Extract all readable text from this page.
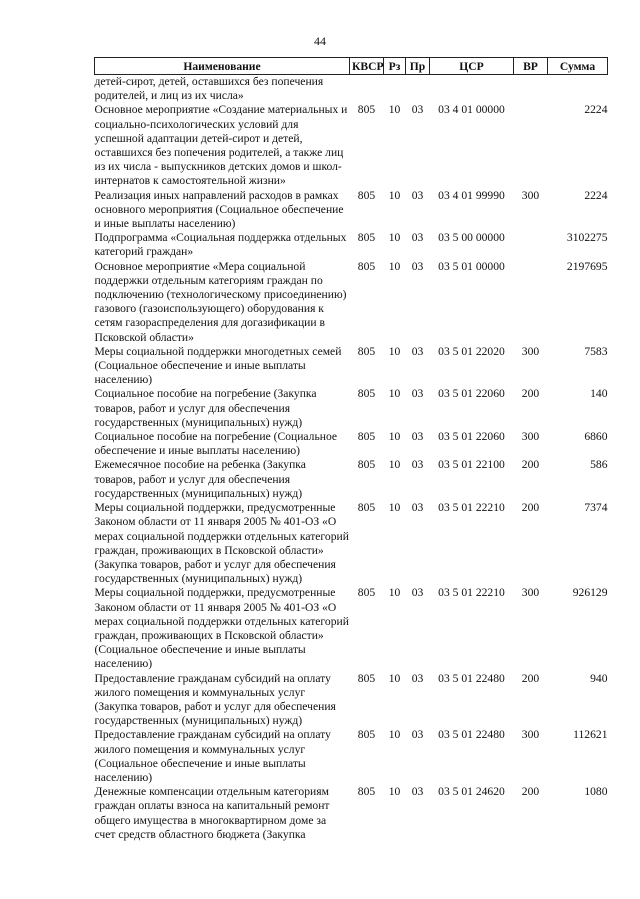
44
Наименование	КВСР	Рз	Пр	ЦСР	ВР	Сумма
детей-сирот, детей, оставшихся без попечения родителей, и лиц из их числа»						
Основное мероприятие «Создание материальных и социально-психологических условий для успешной адаптации детей-сирот и детей, оставшихся без попечения родителей, а также лиц из их числа - выпускников детских домов и школ-интернатов к самостоятельной жизни»	805	10	03	03 4 01 00000		2224
Реализация иных направлений расходов в рамках основного мероприятия (Социальное обеспечение и иные выплаты населению)	805	10	03	03 4 01 99990	300	2224
Подпрограмма «Социальная поддержка отдельных категорий граждан»	805	10	03	03 5 00 00000		3102275
Основное мероприятие «Мера социальной поддержки отдельным категориям граждан по подключению (технологическому присоединению) газового (газоиспользующего) оборудования к сетям газораспределения для догазификации в Псковской области»	805	10	03	03 5 01 00000		2197695
Меры социальной поддержки многодетных семей (Социальное обеспечение и иные выплаты населению)	805	10	03	03 5 01 22020	300	7583
Социальное пособие на погребение (Закупка товаров, работ и услуг для обеспечения государственных (муниципальных) нужд)	805	10	03	03 5 01 22060	200	140
Социальное пособие на погребение (Социальное обеспечение и иные выплаты населению)	805	10	03	03 5 01 22060	300	6860
Ежемесячное пособие на ребенка (Закупка товаров, работ и услуг для обеспечения государственных (муниципальных) нужд)	805	10	03	03 5 01 22100	200	586
Меры социальной поддержки, предусмотренные Законом области от 11 января 2005 № 401-ОЗ «О мерах социальной поддержки отдельных категорий граждан, проживающих в Псковской области» (Закупка товаров, работ и услуг для обеспечения государственных (муниципальных) нужд)	805	10	03	03 5 01 22210	200	7374
Меры социальной поддержки, предусмотренные Законом области от 11 января 2005 № 401-ОЗ «О мерах социальной поддержки отдельных категорий граждан, проживающих в Псковской области» (Социальное обеспечение и иные выплаты населению)	805	10	03	03 5 01 22210	300	926129
Предоставление гражданам субсидий на оплату жилого помещения и коммунальных услуг (Закупка товаров, работ и услуг для обеспечения государственных (муниципальных) нужд)	805	10	03	03 5 01 22480	200	940
Предоставление гражданам субсидий на оплату жилого помещения и коммунальных услуг (Социальное обеспечение и иные выплаты населению)	805	10	03	03 5 01 22480	300	112621
Денежные компенсации отдельным категориям граждан оплаты взноса на капитальный ремонт общего имущества в многоквартирном доме за счет средств областного бюджета (Закупка	805	10	03	03 5 01 24620	200	1080
